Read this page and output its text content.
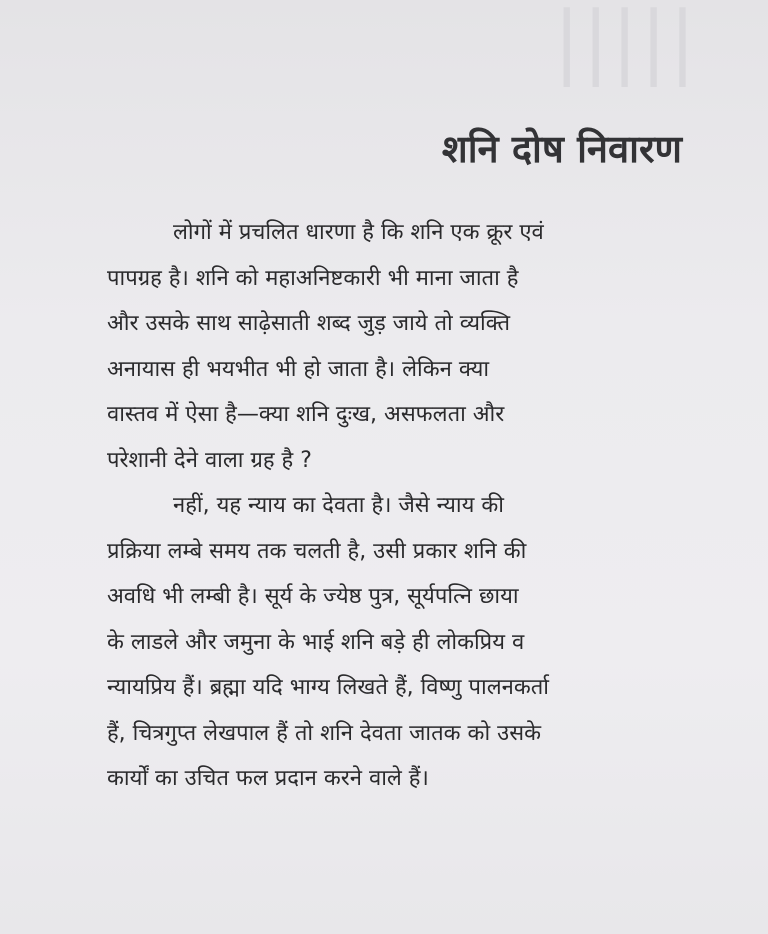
|||||
शनि दोष निवारण

लोगों में प्रचलित धारणा है कि शनि एक क्रूर एवं
पापग्रह है। शनि को महाअनिष्टकारी भी माना जाता है
और उसके साथ साढ़ेसाती शब्द जुड़ जाये तो व्यक्ति
अनायास ही भयभीत भी हो जाता है। लेकिन क्या
वास्तव में ऐसा है—क्या शनि दुःख, असफलता और
परेशानी देने वाला ग्रह है ?

नहीं, यह न्याय का देवता है। जैसे न्याय की
प्रक्रिया लम्बे समय तक चलती है, उसी प्रकार शनि की
अवधि भी लम्बी है। सूर्य के ज्येष्ठ पुत्र, सूर्यपत्नि छाया
के लाडले और जमुना के भाई शनि बड़े ही लोकप्रिय व
न्यायप्रिय हैं। ब्रह्मा यदि भाग्य लिखते हैं, विष्णु पालनकर्ता
हैं, चित्रगुप्त लेखपाल हैं तो शनि देवता जातक को उसके
कार्यों का उचित फल प्रदान करने वाले हैं।
